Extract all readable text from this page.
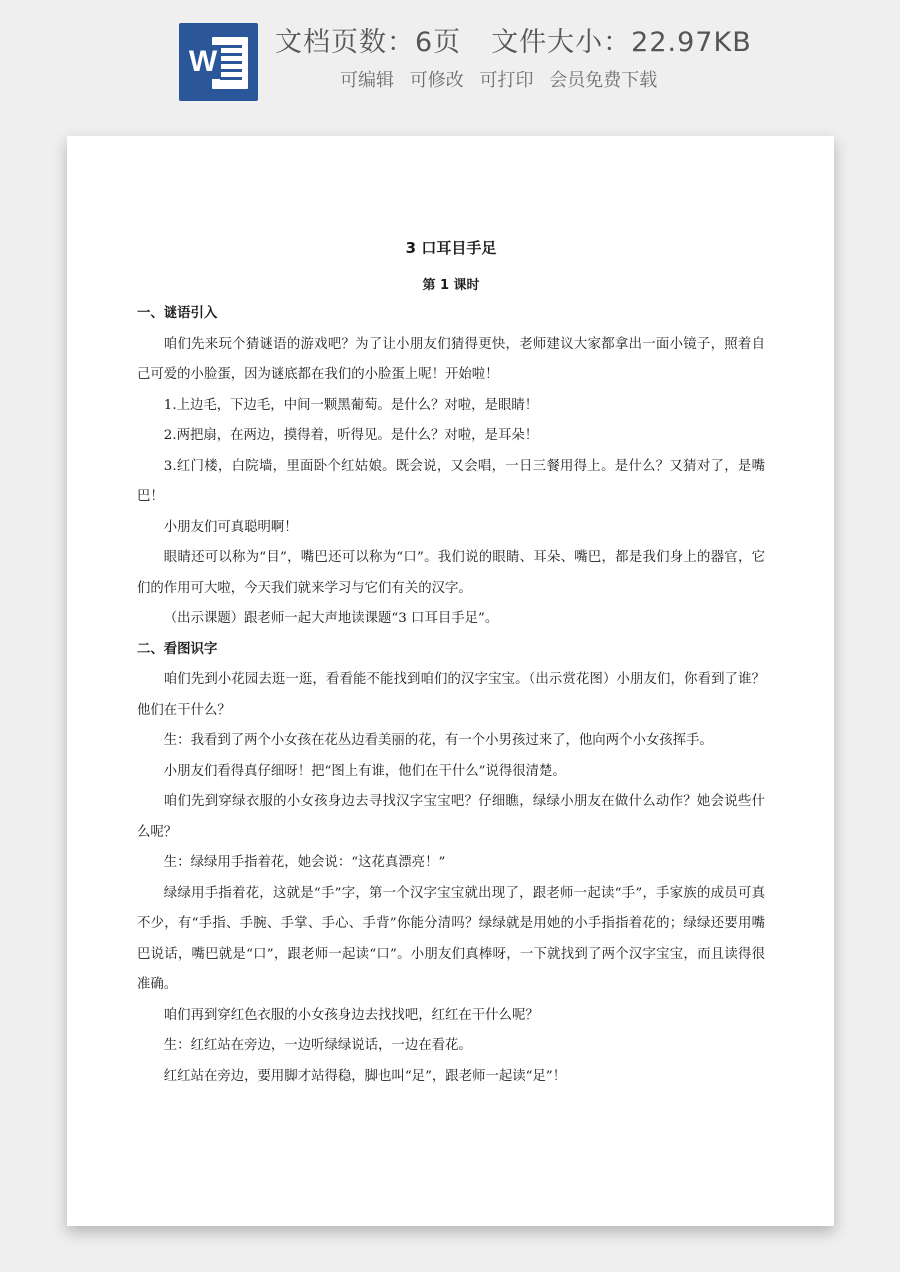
W
文档页数：6页 文件大小：22.97KB
可编辑 可修改 可打印 会员免费下载
3 口耳目手足
第 1 课时

一、谜语引入

咱们先来玩个猜谜语的游戏吧？为了让小朋友们猜得更快，老师建议大家都拿出一面小镜子，照着自己可爱的小脸蛋，因为谜底都在我们的小脸蛋上呢！开始啦！

1.上边毛，下边毛，中间一颗黑葡萄。是什么？对啦，是眼睛！

2.两把扇，在两边，摸得着，听得见。是什么？对啦，是耳朵！

3.红门楼，白院墙，里面卧个红姑娘。既会说，又会唱，一日三餐用得上。是什么？又猜对了，是嘴巴！

小朋友们可真聪明啊！

眼睛还可以称为“目”，嘴巴还可以称为“口”。我们说的眼睛、耳朵、嘴巴，都是我们身上的器官，它们的作用可大啦，今天我们就来学习与它们有关的汉字。

（出示课题）跟老师一起大声地读课题“3 口耳目手足”。

二、看图识字

咱们先到小花园去逛一逛，看看能不能找到咱们的汉字宝宝。（出示赏花图）小朋友们，你看到了谁？他们在干什么？

生：我看到了两个小女孩在花丛边看美丽的花，有一个小男孩过来了，他向两个小女孩挥手。

小朋友们看得真仔细呀！把“图上有谁，他们在干什么”说得很清楚。

咱们先到穿绿衣服的小女孩身边去寻找汉字宝宝吧？仔细瞧，绿绿小朋友在做什么动作？她会说些什么呢？

生：绿绿用手指着花，她会说：“这花真漂亮！”

绿绿用手指着花，这就是“手”字，第一个汉字宝宝就出现了，跟老师一起读“手”，手家族的成员可真不少，有“手指、手腕、手掌、手心、手背”你能分清吗？绿绿就是用她的小手指指着花的；绿绿还要用嘴巴说话，嘴巴就是“口”，跟老师一起读“口”。小朋友们真棒呀，一下就找到了两个汉字宝宝，而且读得很准确。

咱们再到穿红色衣服的小女孩身边去找找吧，红红在干什么呢？

生：红红站在旁边，一边听绿绿说话，一边在看花。

红红站在旁边，要用脚才站得稳，脚也叫“足”，跟老师一起读“足”！
